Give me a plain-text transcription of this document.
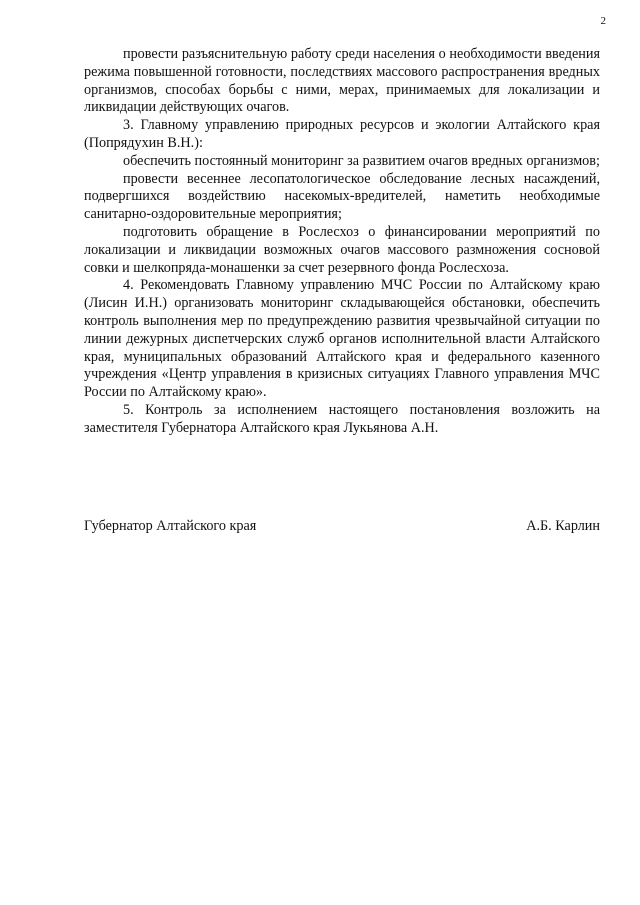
2

провести разъяснительную работу среди населения о необходимости введения режима повышенной готовности, последствиях массового распространения вредных организмов, способах борьбы с ними, мерах, принимаемых для локализации и ликвидации действующих очагов.

3. Главному управлению природных ресурсов и экологии Алтайского края (Попрядухин В.Н.):

обеспечить постоянный мониторинг за развитием очагов вредных организмов;

провести весеннее лесопатологическое обследование лесных насаждений, подвергшихся воздействию насекомых-вредителей, наметить необходимые санитарно-оздоровительные мероприятия;

подготовить обращение в Рослесхоз о финансировании мероприятий по локализации и ликвидации возможных очагов массового размножения сосновой совки и шелкопряда-монашенки за счет резервного фонда Рослесхоза.

4. Рекомендовать Главному управлению МЧС России по Алтайскому краю (Лисин И.Н.) организовать мониторинг складывающейся обстановки, обеспечить контроль выполнения мер по предупреждению развития чрезвычайной ситуации по линии дежурных диспетчерских служб органов исполнительной власти Алтайского края, муниципальных образований Алтайского края и федерального казенного учреждения «Центр управления в кризисных ситуациях Главного управления МЧС России по Алтайскому краю».

5. Контроль за исполнением настоящего постановления возложить на заместителя Губернатора Алтайского края Лукьянова А.Н.

Губернатор Алтайского края	А.Б. Карлин
